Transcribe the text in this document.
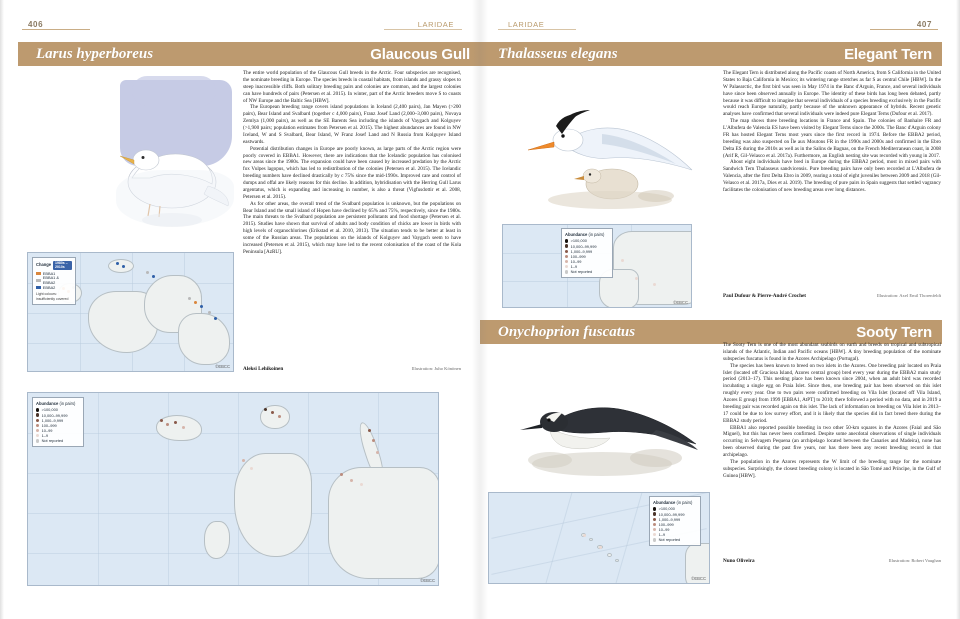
406	LARIDAE
Larus hyperboreus	Glaucous Gull

The entire world population of the Glaucous Gull breeds in the Arctic. Four subspecies are recognised, the nominate breeding in Europe. The species breeds in coastal habitats, from islands and grassy slopes to steep inaccessible cliffs. Both solitary breeding pairs and colonies are common, and the largest colonies can have hundreds of pairs (Petersen et al. 2015). In winter, part of the Arctic breeders move S to coasts of NW Europe and the Baltic Sea [HBW].

The European breeding range covers island populations in Iceland (2,400 pairs), Jan Mayen (>200 pairs), Bear Island and Svalbard (together c 4,000 pairs), Franz Josef Land (2,000–3,000 pairs), Novaya Zemlya (1,000 pairs), as well as the SE Barents Sea including the islands of Vaygach and Kolguyev (>1,900 pairs; population estimates from Petersen et al. 2015). The highest abundances are found in NW Iceland, W and S Svalbard, Bear Island, W Franz Josef Land and N Russia from Kolguyev Island eastwards.

Potential distribution changes in Europe are poorly known, as large parts of the Arctic region were poorly covered in EBBA1. However, there are indications that the Icelandic population has colonised new areas since the 1980s. The expansion could have been caused by increased predation by the Arctic fox Vulpes lagopus, which has led to redistribution of the colonies (Petersen et al. 2015). The Icelandic breeding numbers have declined drastically by c 75% since the mid-1990s. Improved care and control of dumps and offal are likely reasons for this decline. In addition, hybridisation with the Herring Gull Larus argentatus, which is expanding and increasing in number, is also a threat (Vigfusdottir et al. 2008, Petersen et al. 2015).

As for other areas, the overall trend of the Svalbard population is unknown, but the populations on Bear Island and the small island of Hopen have declined by 65% and 75%, respectively, since the 1980s. The main threats to the Svalbard population are persistent pollutants and food shortage (Petersen et al. 2015). Studies have shown that survival of adults and body condition of chicks are lower in birds with high levels of organochlorines (Erikstad et al. 2010, 2013). The situation tends to be better at least in some of the Russian areas. The populations on the islands of Kolguyev and Vaygach seem to have increased (Petersen et al. 2015), which may have led to the recent colonisation of the coast of the Kola Peninsula [AzRU].

Aleksi Lehikoinen	Illustration: Juho Könönen
Change	1980s – 2010s
EBBA1
EBBA1 & EBBA2
EBBA2
Light colours: insufficiently covered
©EBCC
Abundance (in pairs)
>100,000
10,000–99,999
1,000–9,999
100–999
10–99
1–9
Not reported
©EBCC
LARIDAE	407
Thalasseus elegans	Elegant Tern

The Elegant Tern is distributed along the Pacific coasts of North America, from S California in the United States to Baja California in Mexico; its wintering range stretches as far S as central Chile [HBW]. In the W Palaearctic, the first bird was seen in May 1974 in the Banc d'Arguin, France, and several individuals have since been observed annually in Europe. The identity of these birds has long been debated, partly because it was difficult to imagine that several individuals of a species breeding exclusively in the Pacific would reach Europe naturally, partly because of the unknown appearance of hybrids. Recent genetic analyses have confirmed that several individuals were indeed pure Elegant Terns (Dufour et al. 2017).

The map shows three breeding locations in France and Spain. The colonies of Banhaire FR and L'Albufera de Valencia ES have been visited by Elegant Terns since the 2000s. The Banc d'Arguin colony FR has hosted Elegant Terns most years since the first record in 1974. Before the EBBA2 period, breeding was also suspected on Île aux Moutons FR in the 1990s and 2000s and confirmed in the Ebro Delta ES during the 2010s as well as in the Salins de Bagnas, on the French Mediterranean coast, in 2008 (Arif R, Gil-Velasco et al. 2017a). Furthermore, an English nesting site was recorded with young in 2017.

About eight individuals have bred in Europe during the EBBA2 period, most in mixed pairs with Sandwich Tern Thalasseus sandvicensis. Pure breeding pairs have only been recorded at L'Albufera de Valencia, after the first Delta Ebro in 2009, rearing a total of eight juveniles between 2009 and 2018 (Gil-Velasco et al. 2017a, Dies et al. 2019). The breeding of pure pairs in Spain suggests that settled vagrancy facilitates the colonisation of new breeding areas over long distances.

Paul Dufour & Pierre-André Crochet	Illustration: Axel Emil Thorenfeldt
Abundance (in pairs)
>100,000
10,000–99,999
1,000–9,999
100–999
10–99
1–9
Not reported
©EBCC
Onychoprion fuscatus	Sooty Tern

The Sooty Tern is one of the most abundant seabirds on earth and breeds on tropical and subtropical islands of the Atlantic, Indian and Pacific oceans [HBW]. A tiny breeding population of the nominate subspecies fuscatus is found in the Azores Archipelago (Portugal).

The species has been known to breed on two islets in the Azores. One breeding pair located on Praia Islet (located off Graciosa Island, Azores central group) bred every year during the EBBA2 main study period (2013–17). This nesting place has been known since 2004, when an adult bird was recorded incubating a single egg on Praia Islet. Since then, one breeding pair has been observed on this islet roughly every year. One to two pairs were confirmed breeding on Vila Islet (located off Vila Island, Azores E group) from 1999 [EBBA1, AtPT] to 2010; there followed a period with no data, and in 2019 a breeding pair was recorded again on this islet. The lack of information on breeding on Vila Islet in 2013–17 could be due to low survey effort, and it is likely that the species did in fact breed there during the EBBA2 study period.

EBBA1 also reported possible breeding in two other 50-km squares in the Azores (Faial and São Miguel), but this has never been confirmed. Despite some anecdotal observations of single individuals occurring in Selvagem Pequena (an archipelago located between the Canaries and Madeira), none has been observed during the past five years, nor has there been any recent breeding record in that archipelago.

The population in the Azores represents the W limit of the breeding range for the nominate subspecies. Surprisingly, the closest breeding colony is located in São Tomé and Príncipe, in the Gulf of Guinea [HBW].

Nuno Oliveira	Illustration: Robert Vaughan
Abundance (in pairs)
>100,000
10,000–99,999
1,000–9,999
100–999
10–99
1–9
Not reported
©EBCC
